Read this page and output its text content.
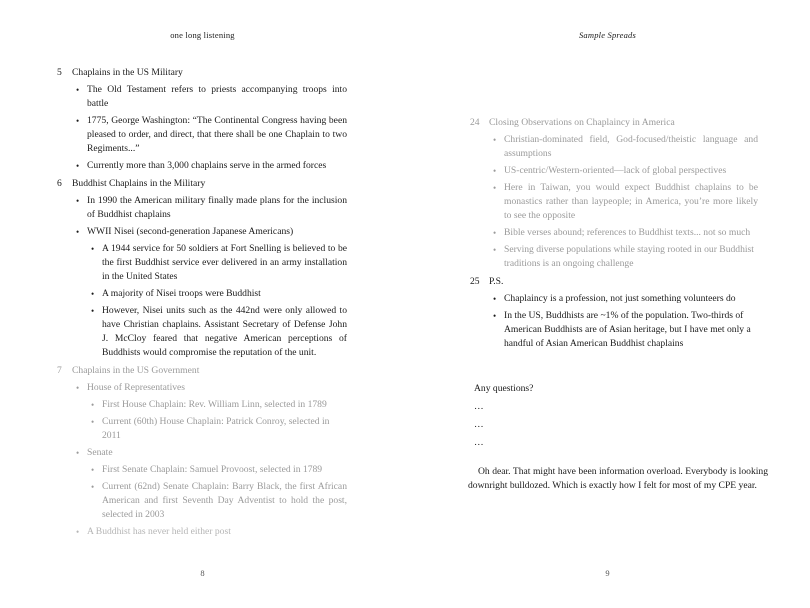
one long listening
5 Chaplains in the US Military
• The Old Testament refers to priests accompanying troops into battle
• 1775, George Washington: “The Continental Congress having been pleased to order, and direct, that there shall be one Chaplain to two Regiments...”
• Currently more than 3,000 chaplains serve in the armed forces
6 Buddhist Chaplains in the Military
• In 1990 the American military finally made plans for the inclusion of Buddhist chaplains
• WWII Nisei (second-generation Japanese Americans)
• A 1944 service for 50 soldiers at Fort Snelling is believed to be the first Buddhist service ever delivered in an army installation in the United States
• A majority of Nisei troops were Buddhist
• However, Nisei units such as the 442nd were only allowed to have Christian chaplains. Assistant Secretary of Defense John J. McCloy feared that negative American perceptions of Buddhists would compromise the reputation of the unit.
7 Chaplains in the US Government
• House of Representatives
• First House Chaplain: Rev. William Linn, selected in 1789
• Current (60th) House Chaplain: Patrick Conroy, selected in 2011
• Senate
• First Senate Chaplain: Samuel Provoost, selected in 1789
• Current (62nd) Senate Chaplain: Barry Black, the first African American and first Seventh Day Adventist to hold the post, selected in 2003
• A Buddhist has never held either post
8
Sample Spreads
24 Closing Observations on Chaplaincy in America
• Christian-dominated field, God-focused/theistic language and assumptions
• US-centric/Western-oriented—lack of global perspectives
• Here in Taiwan, you would expect Buddhist chaplains to be monastics rather than laypeople; in America, you’re more likely to see the opposite
• Bible verses abound; references to Buddhist texts... not so much
• Serving diverse populations while staying rooted in our Buddhist traditions is an ongoing challenge
25 P.S.
• Chaplaincy is a profession, not just something volunteers do
• In the US, Buddhists are ~1% of the population. Two-thirds of American Buddhists are of Asian heritage, but I have met only a handful of Asian American Buddhist chaplains
Any questions?
…
…
…
Oh dear. That might have been information overload. Everybody is looking downright bulldozed. Which is exactly how I felt for most of my CPE year.
9
